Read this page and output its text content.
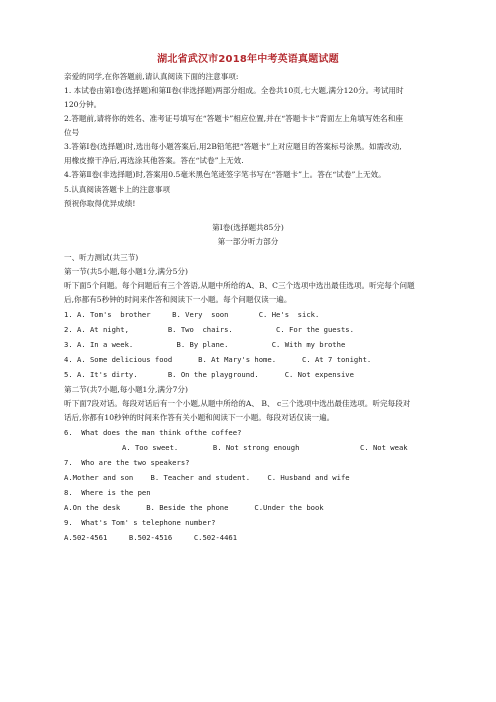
湖北省武汉市2018年中考英语真题试题
亲爱的同学,在你答题前,请认真阅读下面的注意事项:
1. 本试卷由第Ⅰ卷(选择题)和第Ⅱ卷(非选择题)两部分组成。全卷共10页,七大题,满分120分。考试用时
120分钟。
2.答题前,请将你的姓名、准考证号填写在“答题卡”相应位置,并在“答题卡卡”背面左上角填写姓名和座
位号
3.答第Ⅰ卷(选择题)时,选出每小题答案后,用2B铅笔把“答题卡”上对应题目的答案标号涂黑。如需改动,
用橡皮擦干净后,再选涂其他答案。答在“试卷”上无效.
4.答第Ⅱ卷(非选择题)时,答案用0.5毫米黑色笔迹签字笔书写在“答题卡”上。答在“试卷”上无效。
5.认真阅读答题卡上的注意事项
预祝你取得优异成绩!
第Ⅰ卷(选择题共85分)
第一部分听力部分
一、听力测试(共三节)
第一节(共5小题,每小题1分,满分5分)
听下面5个问题。每个问题后有三个答语,从题中所给的A、B、C三个选项中选出最佳选项。听完每个问题
后,你都有5秒钟的时间来作答和阅读下一小题。每个问题仅读一遍。
1. A. Tom's  brother     B. Very  soon       C. He's  sick.
2. A. At night,         B. Two  chairs.          C. For the guests.
3. A. In a week.          B. By plane.          C. With my brothe
4. A. Some delicious food      B. At Mary's home.      C. At 7 tonight.
5. A. It's dirty.       B. On the playground.      C. Not expensive
第二节(共7小题,每小题1分,满分7分)
听下面7段对话。每段对话后有一个小题,从题中所给的A、 B、 c三个选项中选出最佳选项。听完每段对
话后,你都有10秒钟的时间来作答有关小题和阅读下一小题。每段对话仅读一遍。
6.  What does the man think ofthe coffee?
A. Too sweet.        B. Not strong enough              C. Not weak
7.  Who are the two speakers?
A.Mother and son    B. Teacher and student.    C. Husband and wife
8.  Where is the pen
A.On the desk      B. Beside the phone      C.Under the book
9.  What's Tom' s telephone number?
A.502-4561     B.502-4516     C.502-4461
